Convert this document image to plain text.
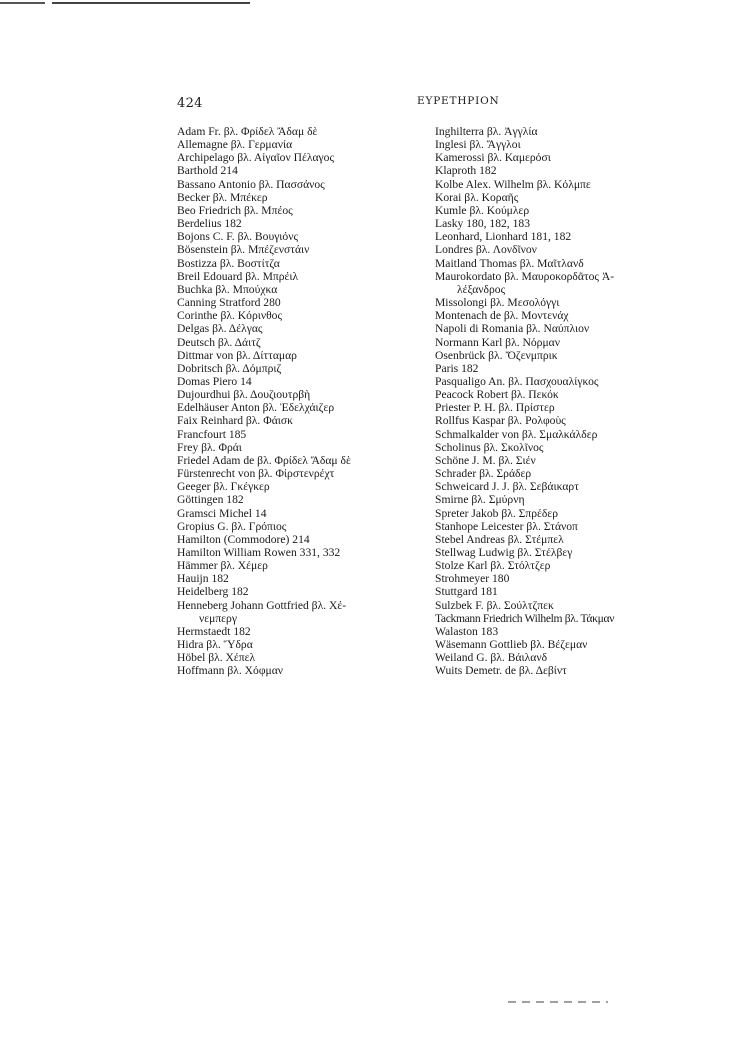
424	ΕΥΡΕΤΗΡΙΟΝ
Adam Fr. βλ. Φρίδελ Ἄδαμ δὲ
Allemagne βλ. Γερμανία
Archipelago βλ. Αἰγαῖον Πέλαγος
Barthold 214
Bassano Antonio βλ. Πασσάνος
Becker βλ. Μπέκερ
Beo Friedrich βλ. Μπέος
Berdelius 182
Bojons C. F. βλ. Βουγιόνς
Bösenstein βλ. Μπέζενστάιν
Bostizza βλ. Βοστίτζα
Breil Edouard βλ. Μπρέιλ
Buchka βλ. Μπούχκα
Canning Stratford 280
Corinthe βλ. Κόρινθος
Delgas βλ. Δέλγας
Deutsch βλ. Δάιτζ
Dittmar von βλ. Δίτταμαρ
Dobritsch βλ. Δόμπριζ
Domas Piero 14
Dujourdhui βλ. Δουζιουτρβὴ
Edelhäuser Anton βλ. Ἐδελχάιζερ
Faix Reinhard βλ. Φάισκ
Francfourt 185
Frey βλ. Φράι
Friedel Adam de βλ. Φρίδελ Ἄδαμ δὲ
Fürstenrecht von βλ. Φίρστενρέχτ
Geeger βλ. Γκέγκερ
Göttingen 182
Gramsci Michel 14
Gropius G. βλ. Γρόπιος
Hamilton (Commodore) 214
Hamilton William Rowen 331, 332
Hämmer βλ. Χέμερ
Hauijn 182
Heidelberg 182
Henneberg Johann Gottfried βλ. Χέ-
νεμπεργ
Hermstaedt 182
Hidra βλ. Ὕδρα
Höbel βλ. Χέπελ
Hoffmann βλ. Χόφμαν
Inghilterra βλ. Ἀγγλία
Inglesi βλ. Ἄγγλοι
Kamerossi βλ. Καμερόσι
Klaproth 182
Kolbe Alex. Wilhelm βλ. Κόλμπε
Korai βλ. Κοραῆς
Kumle βλ. Κούμλερ
Lasky 180, 182, 183
Leonhard, Lionhard 181, 182
Londres βλ. Λονδῖνον
Maitland Thomas βλ. Μαῖτλανδ
Maurokordato βλ. Μαυροκορδᾶτος Ἀ-
λέξανδρος
Missolongi βλ. Μεσολόγγι
Montenach de βλ. Μοντενάχ
Napoli di Romania βλ. Ναύπλιον
Normann Karl βλ. Νόρμαν
Osenbrück βλ. Ὄζενμπρικ
Paris 182
Pasqualigo An. βλ. Πασχουαλίγκος
Peacock Robert βλ. Πεκόκ
Priester P. H. βλ. Πρίστερ
Rollfus Kaspar βλ. Ρολφοὺς
Schmalkalder von βλ. Σμαλκάλδερ
Scholinus βλ. Σκολῖνος
Schöne J. M. βλ. Σιέν
Schrader βλ. Σράδερ
Schweicard J. J. βλ. Σεβάικαρτ
Smirne βλ. Σμύρνη
Spreter Jakob βλ. Σπρέδερ
Stanhope Leicester βλ. Στάνοπ
Stebel Andreas βλ. Στέμπελ
Stellwag Ludwig βλ. Στέλβεγ
Stolze Karl βλ. Στόλτζερ
Strohmeyer 180
Stuttgard 181
Sulzbek F. βλ. Σούλτζπεκ
Tackmann Friedrich Wilhelm βλ. Τάκμαν
Walaston 183
Wäsemann Gottlieb βλ. Βέζεμαν
Weiland G. βλ. Βάιλανδ
Wuits Demetr. de βλ. Δεβίντ
